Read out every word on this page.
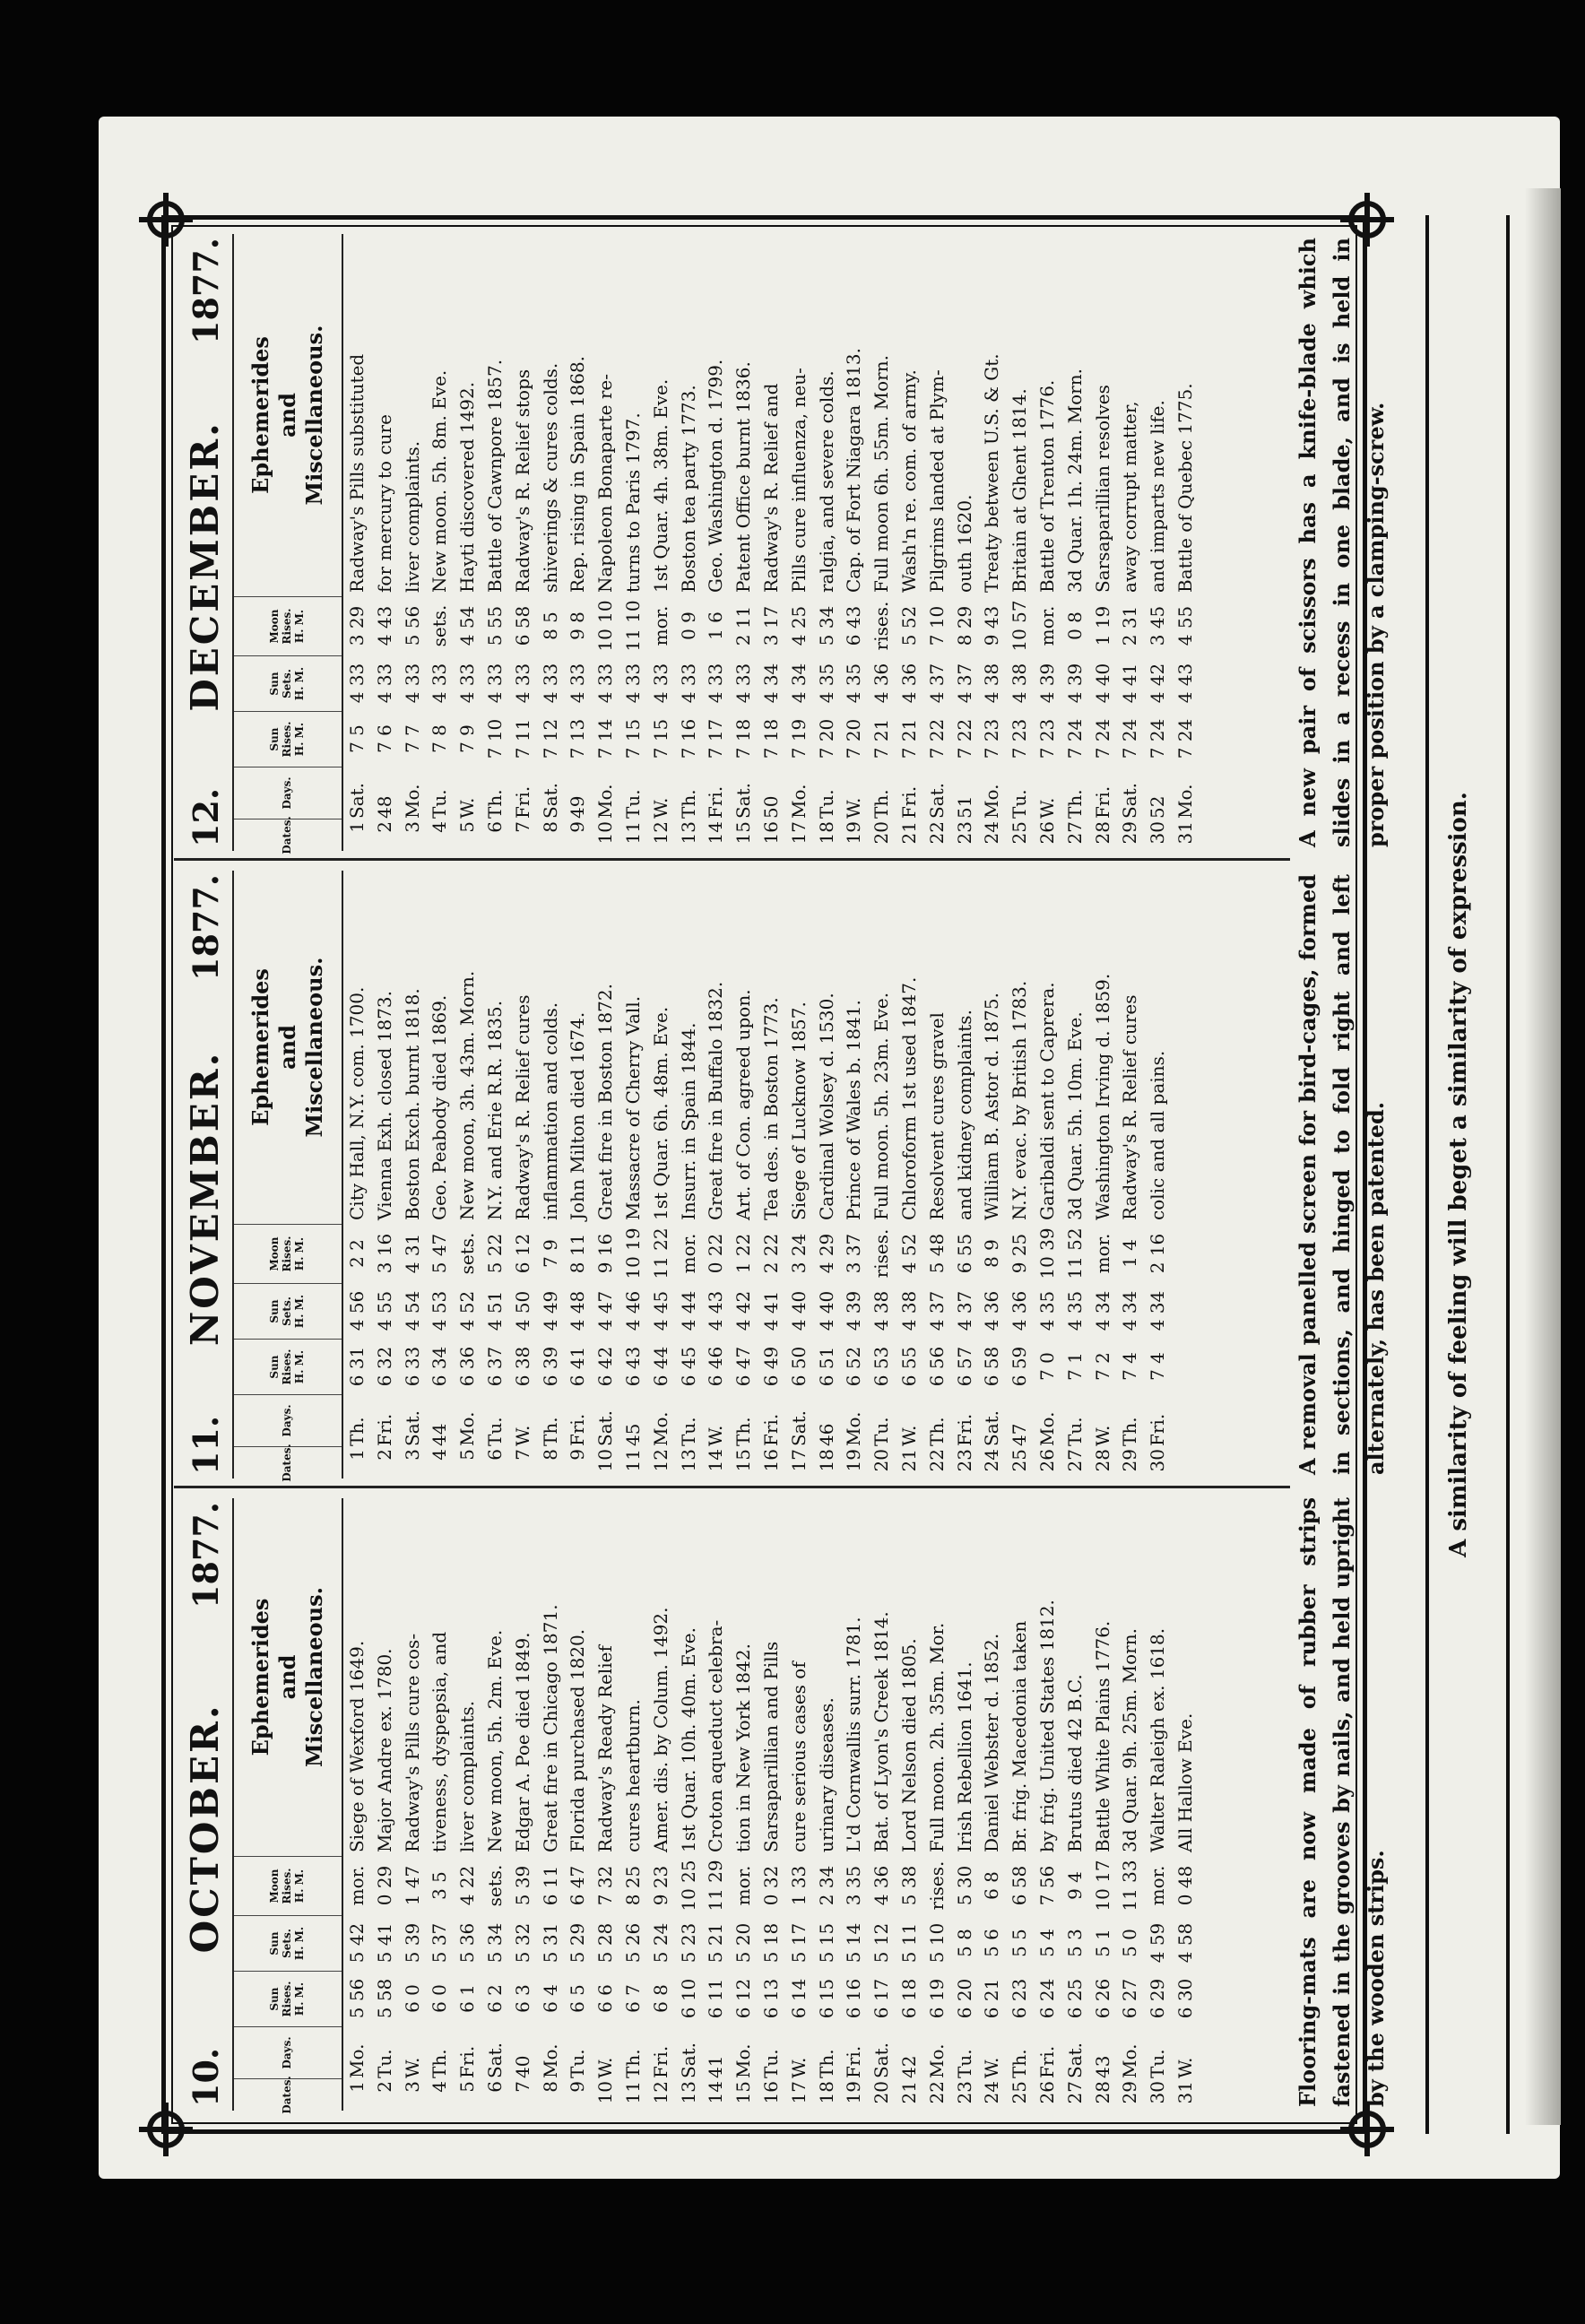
10.
OCTOBER.
1877.
Dates.
Days.
Sun
Rises.
H. M.
Sun
Sets.
H. M.
Moon
Rises.
H. M.
Ephemerides
and
Miscellaneous.
1
Mo.
5 56
5 42
mor.
Siege of Wexford 1649.
2
Tu.
5 58
5 41
0 29
Major Andre ex. 1780.
3
W.
6 0
5 39
1 47
Radway's Pills cure cos-
4
Th.
6 0
5 37
3 5
tiveness, dyspepsia, and
5
Fri.
6 1
5 36
4 22
liver complaints.
6
Sat.
6 2
5 34
sets.
New moon, 5h. 2m. Eve.
7
40
6 3
5 32
5 39
Edgar A. Poe died 1849.
8
Mo.
6 4
5 31
6 11
Great fire in Chicago 1871.
9
Tu.
6 5
5 29
6 47
Florida purchased 1820.
10
W.
6 6
5 28
7 32
Radway's Ready Relief
11
Th.
6 7
5 26
8 25
cures heartburn.
12
Fri.
6 8
5 24
9 23
Amer. dis. by Colum. 1492.
13
Sat.
6 10
5 23
10 25
1st Quar. 10h. 40m. Eve.
14
41
6 11
5 21
11 29
Croton aqueduct celebra-
15
Mo.
6 12
5 20
mor.
tion in New York 1842.
16
Tu.
6 13
5 18
0 32
Sarsaparillian and Pills
17
W.
6 14
5 17
1 33
cure serious cases of
18
Th.
6 15
5 15
2 34
urinary diseases.
19
Fri.
6 16
5 14
3 35
L'd Cornwallis surr. 1781.
20
Sat.
6 17
5 12
4 36
Bat. of Lyon's Creek 1814.
21
42
6 18
5 11
5 38
Lord Nelson died 1805.
22
Mo.
6 19
5 10
rises.
Full moon. 2h. 35m. Mor.
23
Tu.
6 20
5 8
5 30
Irish Rebellion 1641.
24
W.
6 21
5 6
6 8
Daniel Webster d. 1852.
25
Th.
6 23
5 5
6 58
Br. frig. Macedonia taken
26
Fri.
6 24
5 4
7 56
by frig. United States 1812.
27
Sat.
6 25
5 3
9 4
Brutus died 42 B.C.
28
43
6 26
5 1
10 17
Battle White Plains 1776.
29
Mo.
6 27
5 0
11 33
3d Quar. 9h. 25m. Morn.
30
Tu.
6 29
4 59
mor.
Walter Raleigh ex. 1618.
31
W.
6 30
4 58
0 48
All Hallow Eve.
11.
NOVEMBER.
1877.
Dates.
Days.
Sun
Rises.
H. M.
Sun
Sets.
H. M.
Moon
Rises.
H. M.
Ephemerides
and
Miscellaneous.
1
Th.
6 31
4 56
2 2
City Hall, N.Y. com. 1700.
2
Fri.
6 32
4 55
3 16
Vienna Exh. closed 1873.
3
Sat.
6 33
4 54
4 31
Boston Exch. burnt 1818.
4
44
6 34
4 53
5 47
Geo. Peabody died 1869.
5
Mo.
6 36
4 52
sets.
New moon, 3h. 43m. Morn.
6
Tu.
6 37
4 51
5 22
N.Y. and Erie R.R. 1835.
7
W.
6 38
4 50
6 12
Radway's R. Relief cures
8
Th.
6 39
4 49
7 9
inflammation and colds.
9
Fri.
6 41
4 48
8 11
John Milton died 1674.
10
Sat.
6 42
4 47
9 16
Great fire in Boston 1872.
11
45
6 43
4 46
10 19
Massacre of Cherry Vall.
12
Mo.
6 44
4 45
11 22
1st Quar. 6h. 48m. Eve.
13
Tu.
6 45
4 44
mor.
Insurr. in Spain 1844.
14
W.
6 46
4 43
0 22
Great fire in Buffalo 1832.
15
Th.
6 47
4 42
1 22
Art. of Con. agreed upon.
16
Fri.
6 49
4 41
2 22
Tea des. in Boston 1773.
17
Sat.
6 50
4 40
3 24
Siege of Lucknow 1857.
18
46
6 51
4 40
4 29
Cardinal Wolsey d. 1530.
19
Mo.
6 52
4 39
3 37
Prince of Wales b. 1841.
20
Tu.
6 53
4 38
rises.
Full moon. 5h. 23m. Eve.
21
W.
6 55
4 38
4 52
Chloroform 1st used 1847.
22
Th.
6 56
4 37
5 48
Resolvent cures gravel
23
Fri.
6 57
4 37
6 55
and kidney complaints.
24
Sat.
6 58
4 36
8 9
William B. Astor d. 1875.
25
47
6 59
4 36
9 25
N.Y. evac. by British 1783.
26
Mo.
7 0
4 35
10 39
Garibaldi sent to Caprera.
27
Tu.
7 1
4 35
11 52
3d Quar. 5h. 10m. Eve.
28
W.
7 2
4 34
mor.
Washington Irving d. 1859.
29
Th.
7 4
4 34
1 4
Radway's R. Relief cures
30
Fri.
7 4
4 34
2 16
colic and all pains.
12.
DECEMBER.
1877.
Dates.
Days.
Sun
Rises.
H. M.
Sun
Sets.
H. M.
Moon
Rises.
H. M.
Ephemerides
and
Miscellaneous.
1
Sat.
7 5
4 33
3 29
Radway's Pills substituted
2
48
7 6
4 33
4 43
for mercury to cure
3
Mo.
7 7
4 33
5 56
liver complaints.
4
Tu.
7 8
4 33
sets.
New moon. 5h. 8m. Eve.
5
W.
7 9
4 33
4 54
Hayti discovered 1492.
6
Th.
7 10
4 33
5 55
Battle of Cawnpore 1857.
7
Fri.
7 11
4 33
6 58
Radway's R. Relief stops
8
Sat.
7 12
4 33
8 5
shiverings & cures colds.
9
49
7 13
4 33
9 8
Rep. rising in Spain 1868.
10
Mo.
7 14
4 33
10 10
Napoleon Bonaparte re-
11
Tu.
7 15
4 33
11 10
turns to Paris 1797.
12
W.
7 15
4 33
mor.
1st Quar. 4h. 38m. Eve.
13
Th.
7 16
4 33
0 9
Boston tea party 1773.
14
Fri.
7 17
4 33
1 6
Geo. Washington d. 1799.
15
Sat.
7 18
4 33
2 11
Patent Office burnt 1836.
16
50
7 18
4 34
3 17
Radway's R. Relief and
17
Mo.
7 19
4 34
4 25
Pills cure influenza, neu-
18
Tu.
7 20
4 35
5 34
ralgia, and severe colds.
19
W.
7 20
4 35
6 43
Cap. of Fort Niagara 1813.
20
Th.
7 21
4 36
rises.
Full moon 6h. 55m. Morn.
21
Fri.
7 21
4 36
5 52
Wash'n re. com. of army.
22
Sat.
7 22
4 37
7 10
Pilgrims landed at Plym-
23
51
7 22
4 37
8 29
outh 1620.
24
Mo.
7 23
4 38
9 43
Treaty between U.S. & Gt.
25
Tu.
7 23
4 38
10 57
Britain at Ghent 1814.
26
W.
7 23
4 39
mor.
Battle of Trenton 1776.
27
Th.
7 24
4 39
0 8
3d Quar. 1h. 24m. Morn.
28
Fri.
7 24
4 40
1 19
Sarsaparillian resolves
29
Sat.
7 24
4 41
2 31
away corrupt matter,
30
52
7 24
4 42
3 45
and imparts new life.
31
Mo.
7 24
4 43
4 55
Battle of Quebec 1775.
Flooring-mats are now made of rubber strips fastened in the grooves by nails, and held upright by the wooden strips.
A removal panelled screen for bird-cages, formed in sections, and hinged to fold right and left alternately, has been patented.
A new pair of scissors has a knife-blade which slides in a recess in one blade, and is held in proper position by a clamping-screw.
A similarity of feeling will beget a similarity of expression.
